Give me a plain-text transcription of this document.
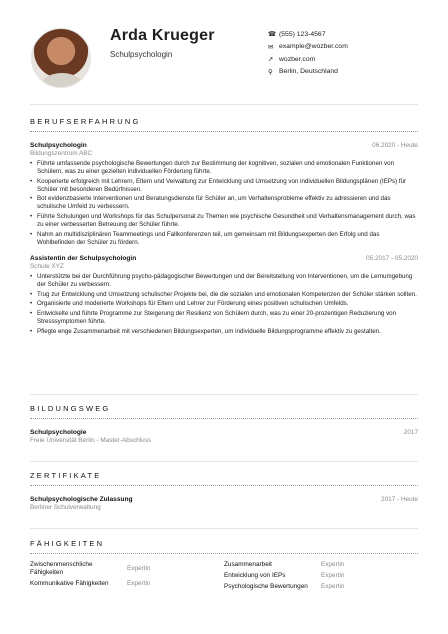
Arda Krueger
Schulpsychologin
☎ (555) 123-4567
✉ example@wozber.com
➚ wozber.com
⚲ Berlin, Deutschland
BERUFSERFAHRUNG
Schulpsychologin	06.2020 - Heute
Bildungszentrum ABC
• Führte umfassende psychologische Bewertungen durch zur Bestimmung der kognitiven, sozialen und emotionalen Funktionen von Schülern, was zu einer gezielten individuellen Förderung führte.
• Kooperierte erfolgreich mit Lehrern, Eltern und Verwaltung zur Entwicklung und Umsetzung von individuellen Bildungsplänen (IEPs) für Schüler mit besonderen Bedürfnissen.
• Bot evidenzbasierte Interventionen und Beratungsdienste für Schüler an, um Verhaltensprobleme effektiv zu adressieren und das schulische Umfeld zu verbessern.
• Führte Schulungen und Workshops für das Schulpersonal zu Themen wie psychische Gesundheit und Verhaltensmanagement durch, was zu einer verbesserten Betreuung der Schüler führte.
• Nahm an multidisziplinären Teammeetings und Fallkonferenzen teil, um gemeinsam mit Bildungsexperten den Erfolg und das Wohlbefinden der Schüler zu fördern.
Assistentin der Schulpsychologin	05.2017 - 05.2020
Schule XYZ
• Unterstützte bei der Durchführung psycho-pädagogischer Bewertungen und der Bereitstellung von Interventionen, um die Lernumgebung der Schüler zu verbessern.
• Trug zur Entwicklung und Umsetzung schulischer Projekte bei, die die sozialen und emotionalen Kompetenzen der Schüler stärken sollten.
• Organisierte und moderierte Workshops für Eltern und Lehrer zur Förderung eines positiven schulischen Umfelds.
• Entwickelte und führte Programme zur Steigerung der Resilienz von Schülern durch, was zu einer 20-prozentigen Reduzierung von Stresssymptomen führte.
• Pflegte enge Zusammenarbeit mit verschiedenen Bildungsexperten, um individuelle Bildungsprogramme effektiv zu gestalten.
BILDUNGSWEG
Schulpsychologie	2017
Freie Universität Berlin - Master-Abschluss
ZERTIFIKATE
Schulpsychologische Zulassung	2017 - Heute
Berliner Schulverwaltung
FÄHIGKEITEN
Zwischenmenschliche Fähigkeiten
Expertin
Kommunikative Fähigkeiten	Expertin
Zusammenarbeit	Expertin
Entwicklung von IEPs	Expertin
Psychologische Bewertungen	Expertin
